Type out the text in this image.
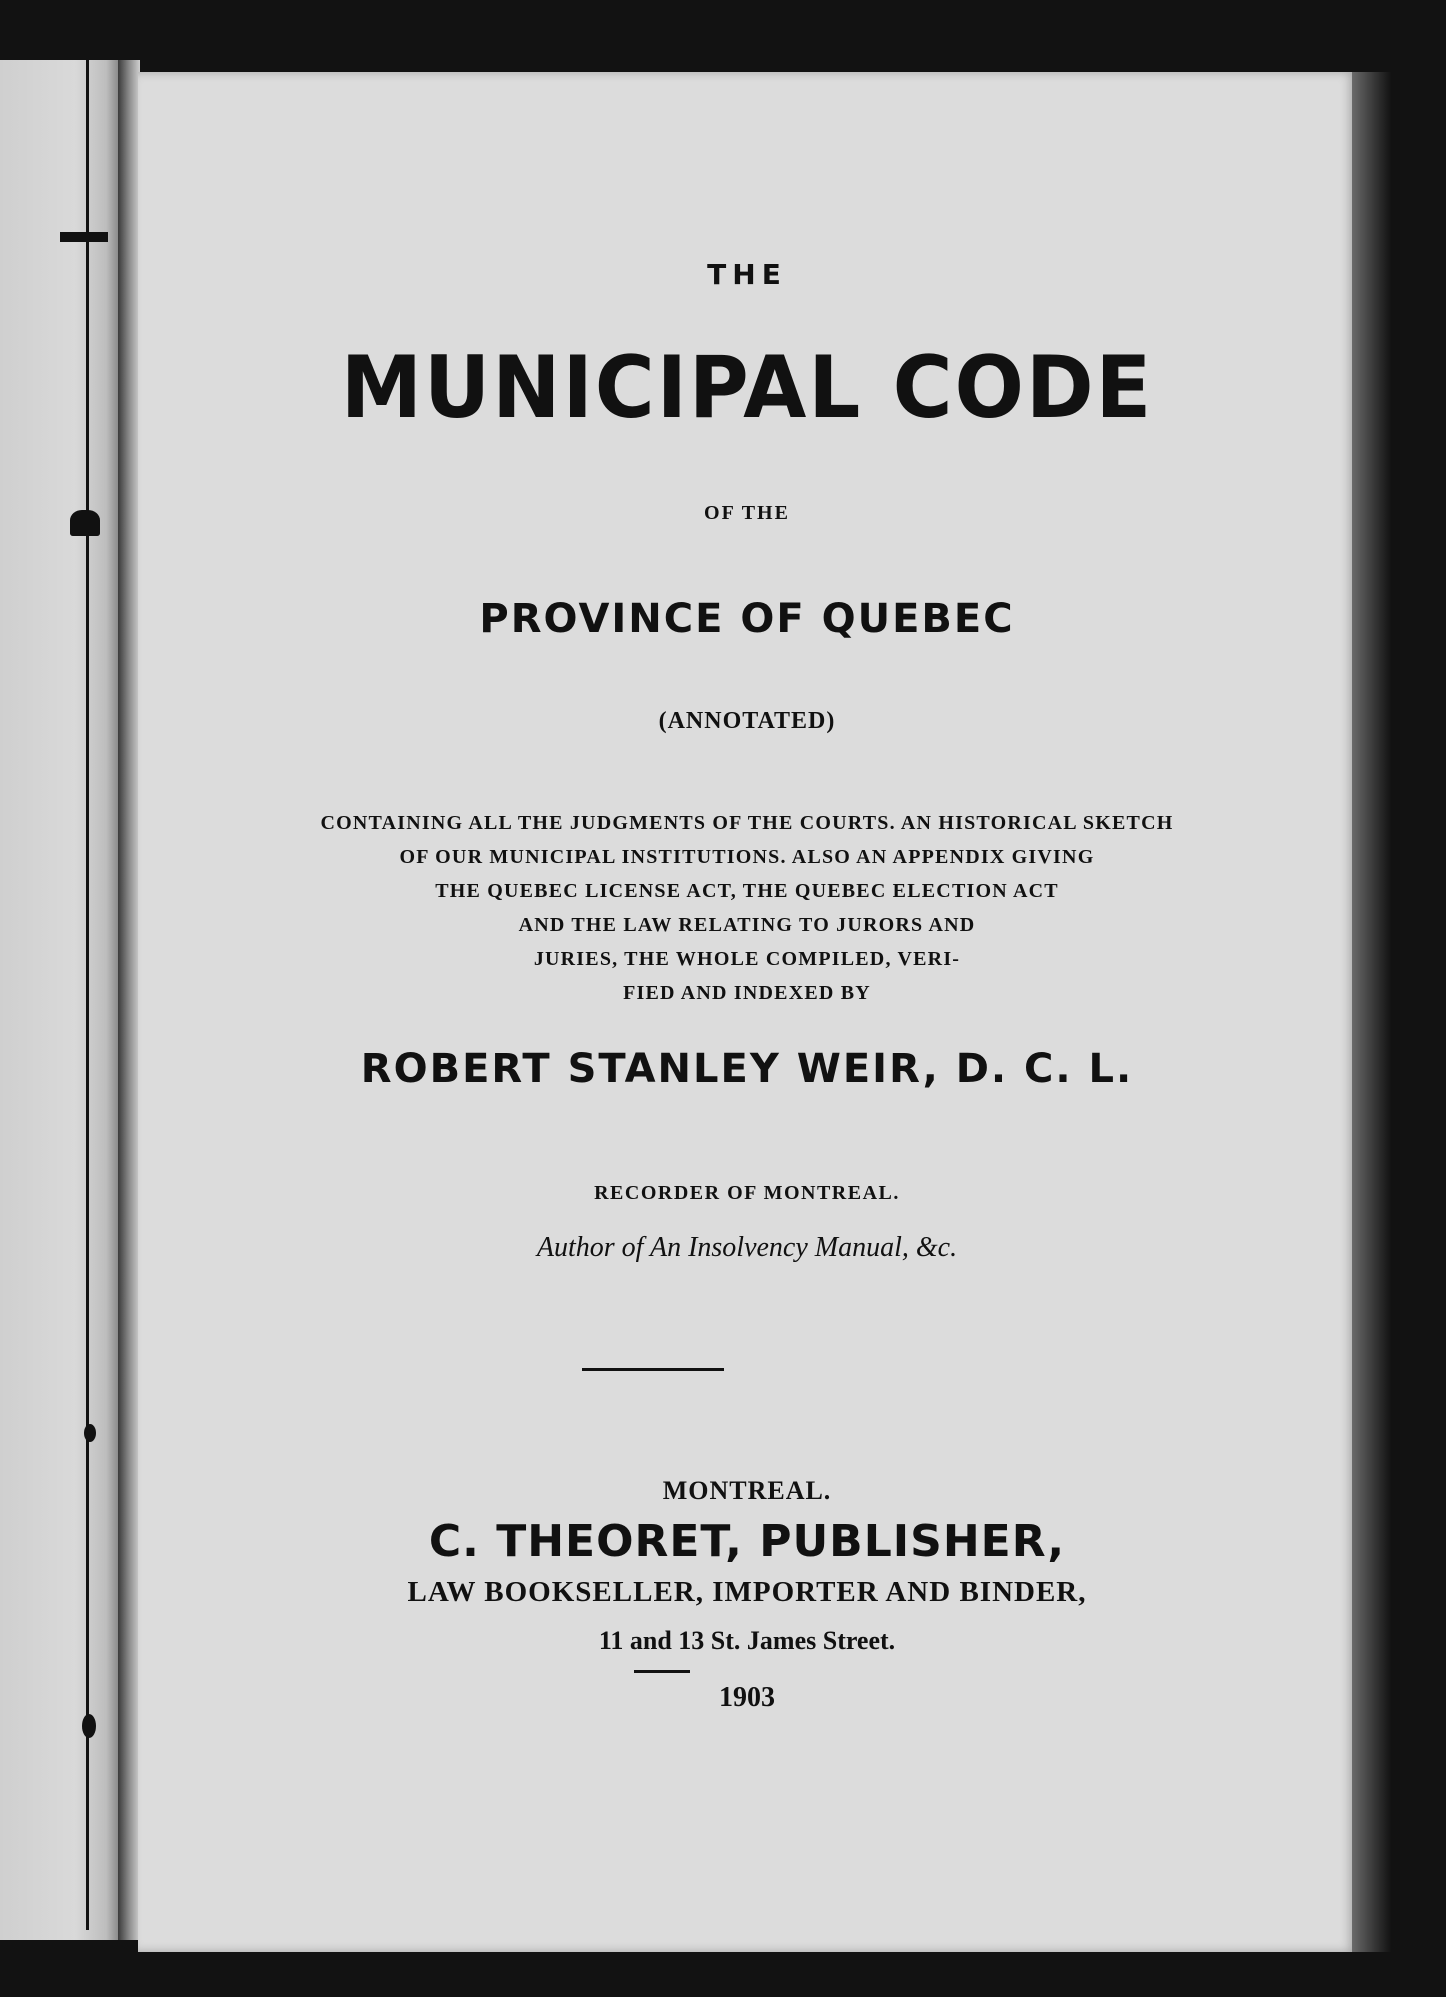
THE
MUNICIPAL CODE
OF THE
PROVINCE OF QUEBEC
(ANNOTATED)
CONTAINING ALL THE JUDGMENTS OF THE COURTS. AN HISTORICAL SKETCH
OF OUR MUNICIPAL INSTITUTIONS. ALSO AN APPENDIX GIVING
THE QUEBEC LICENSE ACT, THE QUEBEC ELECTION ACT
AND THE LAW RELATING TO JURORS AND
JURIES, THE WHOLE COMPILED, VERI-
FIED AND INDEXED BY
ROBERT STANLEY WEIR, D. C. L.
RECORDER OF MONTREAL.
Author of An Insolvency Manual, &c.
MONTREAL.
C. THEORET, PUBLISHER,
LAW BOOKSELLER, IMPORTER AND BINDER,
11 and 13 St. James Street.
1903
